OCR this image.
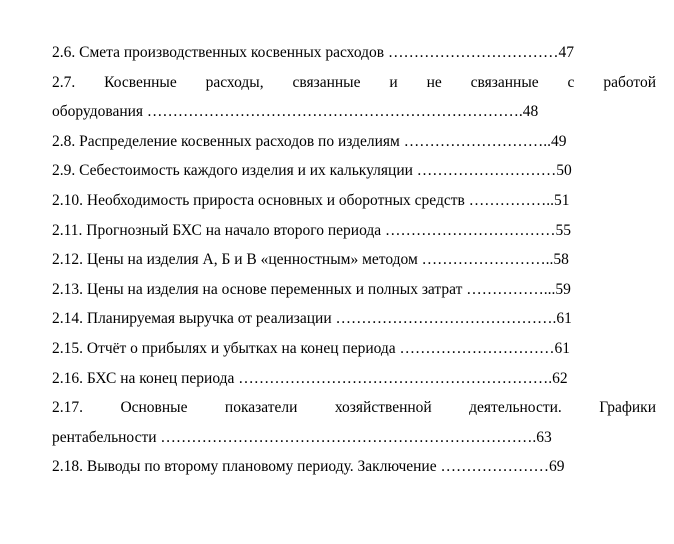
2.6. Смета производственных косвенных расходов ……………………………47
2.7. Косвенные расходы, связанные и не связанные с работой
оборудования ……………………………………………………………….48
2.8. Распределение косвенных расходов по изделиям ………………………..49
2.9. Себестоимость каждого изделия и их калькуляции ………………………50
2.10. Необходимость прироста основных и оборотных средств ……………..51
2.11. Прогнозный БХС на начало второго периода ……………………………55
2.12. Цены на изделия А, Б и В «ценностным» методом ……………………..58
2.13. Цены на изделия на основе переменных и полных затрат ……………...59
2.14. Планируемая выручка от реализации …………………………………….61
2.15. Отчёт о прибылях и убытках на конец периода …………………………61
2.16. БХС на конец периода …………………………………………………….62
2.17. Основные показатели хозяйственной деятельности. Графики
рентабельности ……………………………………………………………….63
2.18. Выводы по второму плановому периоду. Заключение …………………69
